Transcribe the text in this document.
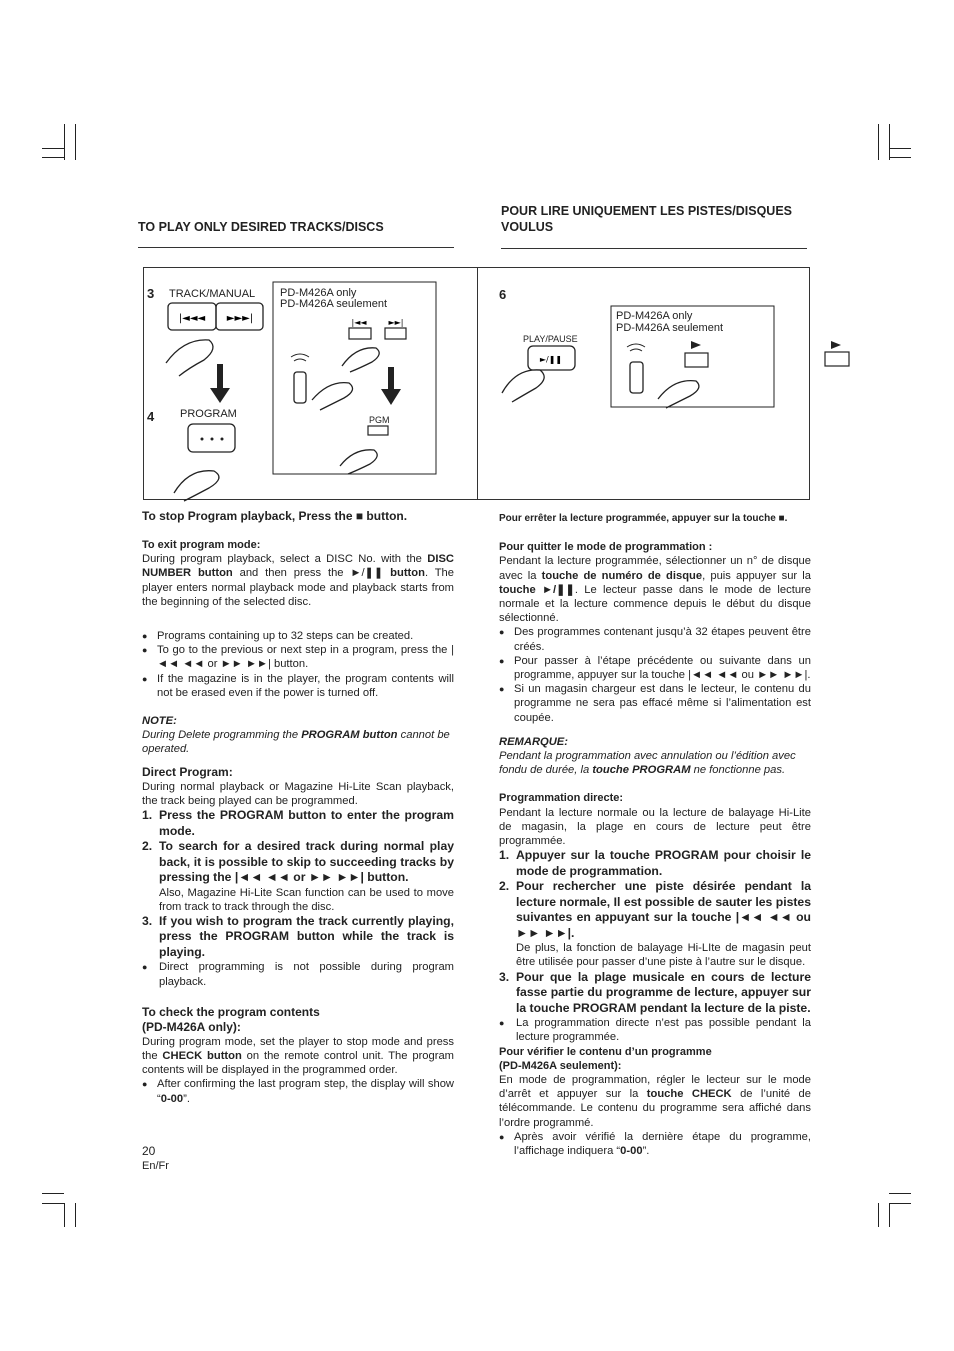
TO PLAY ONLY DESIRED TRACKS/DISCS
POUR LIRE UNIQUEMENT LES PISTES/DISQUES VOULUS
3
4
6
TRACK/MANUAL
PROGRAM
|◄◄◄ ►►►|	|◄◄	►►|
PD-M426A only
PD-M426A seulement
PGM
►/❚❚
PLAY/PAUSE
PD-M426A only
PD-M426A seulement

To stop Program playback, Press the ■ button.

To exit program mode:

During program playback, select a DISC No. with the DISC NUMBER button and then press the ►/❚❚ button. The player enters normal playback mode and playback starts from the beginning of the selected disc.

● Programs containing up to 32 steps can be created.
● To go to the previous or next step in a program, press the |◄◄ ◄◄ or ►► ►►| button.
● If the magazine is in the player, the program contents will not be erased even if the power is turned off.

NOTE:

During Delete programming the PROGRAM button cannot be operated.

Direct Program:

During normal playback or Magazine Hi-Lite Scan playback, the track being played can be programmed.

1. Press the PROGRAM button to enter the program mode.
2. To search for a desired track during normal play back, it is possible to skip to succeeding tracks by pressing the |◄◄ ◄◄ or ►► ►►| button.
Also, Magazine Hi-Lite Scan function can be used to move from track to track through the disc.
3. If you wish to program the track currently playing, press the PROGRAM button while the track is playing.
● Direct programming is not possible during program playback.

To check the program contents

(PD-M426A only):

During program mode, set the player to stop mode and press the CHECK button on the remote control unit. The program contents will be displayed in the programmed order.

● After confirming the last program step, the display will show “0-00”.

Pour errêter la lecture programmée, appuyer sur la touche ■.

Pour quitter le mode de programmation :

Pendant la lecture programmée, sélectionner un n° de disque avec la touche de numéro de disque, puis appuyer sur la touche ►/❚❚. Le lecteur passe dans le mode de lecture normale et la lecture commence depuis le début du disque sélectionné.

● Des programmes contenant jusqu’à 32 étapes peuvent être créés.
● Pour passer à l’étape précédente ou suivante dans un programme, appuyer sur la touche |◄◄ ◄◄ ou ►► ►►|.
● Si un magasin chargeur est dans le lecteur, le contenu du programme ne sera pas effacé même si l’alimentation est coupée.

REMARQUE:

Pendant la programmation avec annulation ou l’édition avec fondu de durée, la touche PROGRAM ne fonctionne pas.

Programmation directe:

Pendant la lecture normale ou la lecture de balayage Hi-Lite de magasin, la plage en cours de lecture peut être programmée.

1. Appuyer sur la touche PROGRAM pour choisir le mode de programmation.
2. Pour rechercher une piste désirée pendant la lecture normale, Il est possible de sauter les pistes suivantes en appuyant sur la touche |◄◄ ◄◄ ou ►► ►►|.
De plus, la fonction de balayage Hi-LIte de magasin peut être utilisée pour passer d’une piste à l’autre sur le disque.
3. Pour que la plage musicale en cours de lecture fasse partie du programme de lecture, appuyer sur la touche PROGRAM pendant la lecture de la piste.
● La programmation directe n’est pas possible pendant la lecture programmée.

Pour vérifier le contenu d’un programme

(PD-M426A seulement):

En mode de programmation, régler le lecteur sur le mode d’arrêt et appuyer sur la touche CHECK de l’unité de télécommande. Le contenu du programme sera affiché dans l’ordre programmé.

● Après avoir vérifié la dernière étape du programme, l’affichage indiquera “0-00”.
20
En/Fr
